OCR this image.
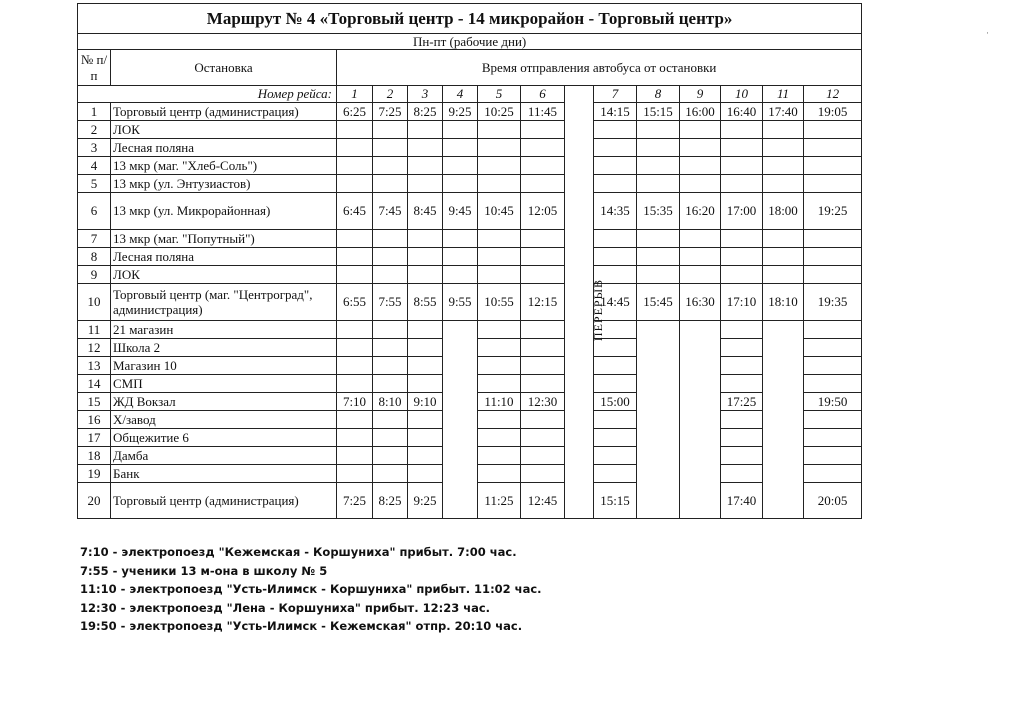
Маршрут № 4 «Торговый центр - 14 микрорайон - Торговый центр»														
Пн-пт (рабочие дни)														
№ п/п	Остановка	Время отправления автобуса от остановки												
Номер рейса:		1	2	3	4	5	6		7	8	9	10	11	12
1	Торговый центр (администрация)	6:25	7:25	8:25	9:25	10:25	11:45	ПЕРЕРЫВ	14:15	15:15	16:00	16:40	17:40	19:05
2	ЛОК													
3	Лесная поляна													
4	13 мкр (маг. "Хлеб-Соль")													
5	13 мкр (ул. Энтузиастов)													
6	13 мкр (ул. Микрорайонная)	6:45	7:45	8:45	9:45	10:45	12:05		14:35	15:35	16:20	17:00	18:00	19:25
7	13 мкр (маг. "Попутный")													
8	Лесная поляна													
9	ЛОК													
10	Торговый центр (маг. "Центроград", администрация)	6:55	7:55	8:55	9:55	10:55	12:15		14:45	15:45	16:30	17:10	18:10	19:35
11	21 магазин													
12	Школа 2													
13	Магазин 10													
14	СМП													
15	ЖД Вокзал	7:10	8:10	9:10		11:10	12:30		15:00			17:25		19:50
16	Х/завод													
17	Общежитие 6													
18	Дамба													
19	Банк													
20	Торговый центр (администрация)	7:25	8:25	9:25		11:25	12:45		15:15			17:40		20:05
7:10 - электропоезд "Кежемская - Коршуниха" прибыт. 7:00 час.
7:55 - ученики 13 м-она в школу № 5
11:10 - электропоезд "Усть-Илимск - Коршуниха" прибыт. 11:02 час.
12:30 - электропоезд "Лена - Коршуниха" прибыт. 12:23 час.
19:50 - электропоезд "Усть-Илимск - Кежемская" отпр. 20:10 час.
·
